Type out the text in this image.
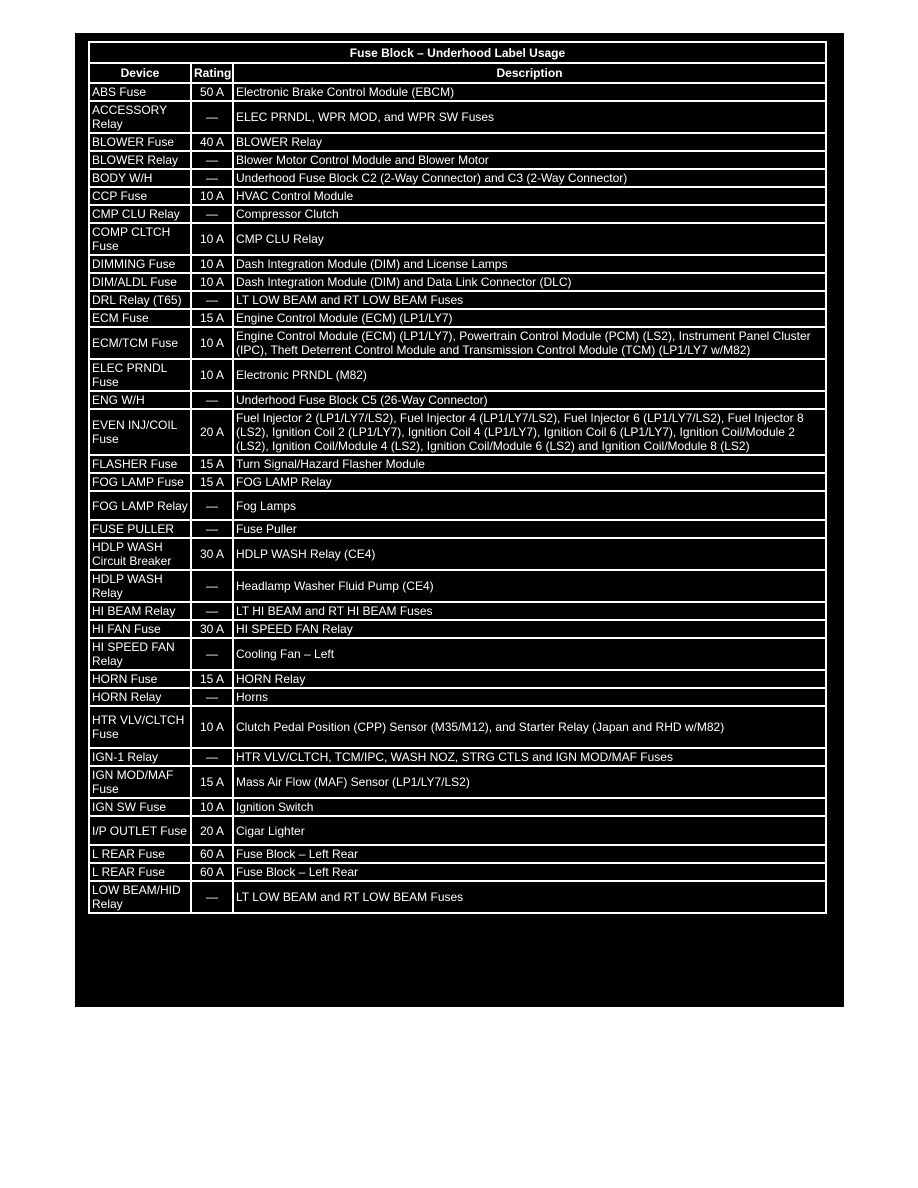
Fuse Block – Underhood Label Usage		
Device	Rating	Description
ABS Fuse	50 A	Electronic Brake Control Module (EBCM)
ACCESSORY Relay	—	ELEC PRNDL, WPR MOD, and WPR SW Fuses
BLOWER Fuse	40 A	BLOWER Relay
BLOWER Relay	—	Blower Motor Control Module and Blower Motor
BODY W/H	—	Underhood Fuse Block C2 (2-Way Connector) and C3 (2-Way Connector)
CCP Fuse	10 A	HVAC Control Module
CMP CLU Relay	—	Compressor Clutch
COMP CLTCH Fuse	10 A	CMP CLU Relay
DIMMING Fuse	10 A	Dash Integration Module (DIM) and License Lamps
DIM/ALDL Fuse	10 A	Dash Integration Module (DIM) and Data Link Connector (DLC)
DRL Relay (T65)	—	LT LOW BEAM and RT LOW BEAM Fuses
ECM Fuse	15 A	Engine Control Module (ECM) (LP1/LY7)
ECM/TCM Fuse	10 A	Engine Control Module (ECM) (LP1/LY7), Powertrain Control Module (PCM) (LS2), Instrument Panel Cluster (IPC), Theft Deterrent Control Module and Transmission Control Module (TCM) (LP1/LY7 w/M82)
ELEC PRNDL Fuse	10 A	Electronic PRNDL (M82)
ENG W/H	—	Underhood Fuse Block C5 (26-Way Connector)
EVEN INJ/COIL Fuse	20 A	Fuel Injector 2 (LP1/LY7/LS2), Fuel Injector 4 (LP1/LY7/LS2), Fuel Injector 6 (LP1/LY7/LS2), Fuel Injector 8 (LS2), Ignition Coil 2 (LP1/LY7), Ignition Coil 4 (LP1/LY7), Ignition Coil 6 (LP1/LY7), Ignition Coil/Module 2 (LS2), Ignition Coil/Module 4 (LS2), Ignition Coil/Module 6 (LS2) and Ignition Coil/Module 8 (LS2)
FLASHER Fuse	15 A	Turn Signal/Hazard Flasher Module
FOG LAMP Fuse	15 A	FOG LAMP Relay
FOG LAMP Relay	—	Fog Lamps
FUSE PULLER	—	Fuse Puller
HDLP WASH Circuit Breaker	30 A	HDLP WASH Relay (CE4)
HDLP WASH Relay	—	Headlamp Washer Fluid Pump (CE4)
HI BEAM Relay	—	LT HI BEAM and RT HI BEAM Fuses
HI FAN Fuse	30 A	HI SPEED FAN Relay
HI SPEED FAN Relay	—	Cooling Fan – Left
HORN Fuse	15 A	HORN Relay
HORN Relay	—	Horns
HTR VLV/CLTCH Fuse	10 A	Clutch Pedal Position (CPP) Sensor (M35/M12), and Starter Relay (Japan and RHD w/M82)
IGN-1 Relay	—	HTR VLV/CLTCH, TCM/IPC, WASH NOZ, STRG CTLS and IGN MOD/MAF Fuses
IGN MOD/MAF Fuse	15 A	Mass Air Flow (MAF) Sensor (LP1/LY7/LS2)
IGN SW Fuse	10 A	Ignition Switch
I/P OUTLET Fuse	20 A	Cigar Lighter
L REAR Fuse	60 A	Fuse Block – Left Rear
L REAR Fuse	60 A	Fuse Block – Left Rear
LOW BEAM/HID Relay	—	LT LOW BEAM and RT LOW BEAM Fuses
